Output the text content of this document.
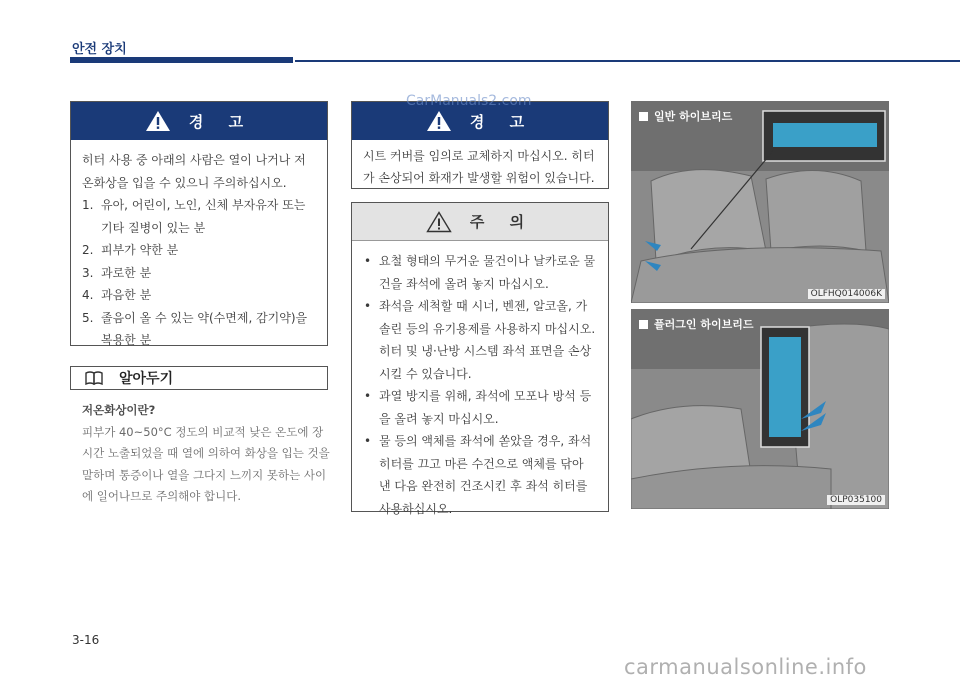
안전 장치
경 고

히터 사용 중 아래의 사람은 열이 나거나 저온화상을 입을 수 있으니 주의하십시오.

1. 유아, 어린이, 노인, 신체 부자유자 또는 기타 질병이 있는 분
2. 피부가 약한 분
3. 과로한 분
4. 과음한 분
5. 졸음이 올 수 있는 약(수면제, 감기약)을 복용한 분
알아두기
저온화상이란?
피부가 40~50°C 정도의 비교적 낮은 온도에 장시간 노출되었을 때 열에 의하여 화상을 입는 것을 말하며 통증이나 열을 그다지 느끼지 못하는 사이에 일어나므로 주의해야 합니다.
경 고
시트 커버를 임의로 교체하지 마십시오. 히터가 손상되어 화재가 발생할 위험이 있습니다.
주 의
• 요철 형태의 무거운 물건이나 날카로운 물건을 좌석에 올려 놓지 마십시오.
• 좌석을 세척할 때 시너, 벤젠, 알코올, 가솔린 등의 유기용제를 사용하지 마십시오. 히터 및 냉·난방 시스템 좌석 표면을 손상시킬 수 있습니다.
• 과열 방지를 위해, 좌석에 모포나 방석 등을 올려 놓지 마십시오.
• 물 등의 액체를 좌석에 쏟았을 경우, 좌석히터를 끄고 마른 수건으로 액체를 닦아 낸 다음 완전히 건조시킨 후 좌석 히터를 사용하십시오.
일반 하이브리드
OLFHQ014006K
플러그인 하이브리드
OLP035100
CarManuals2.com
3-16
carmanualsonline.info
